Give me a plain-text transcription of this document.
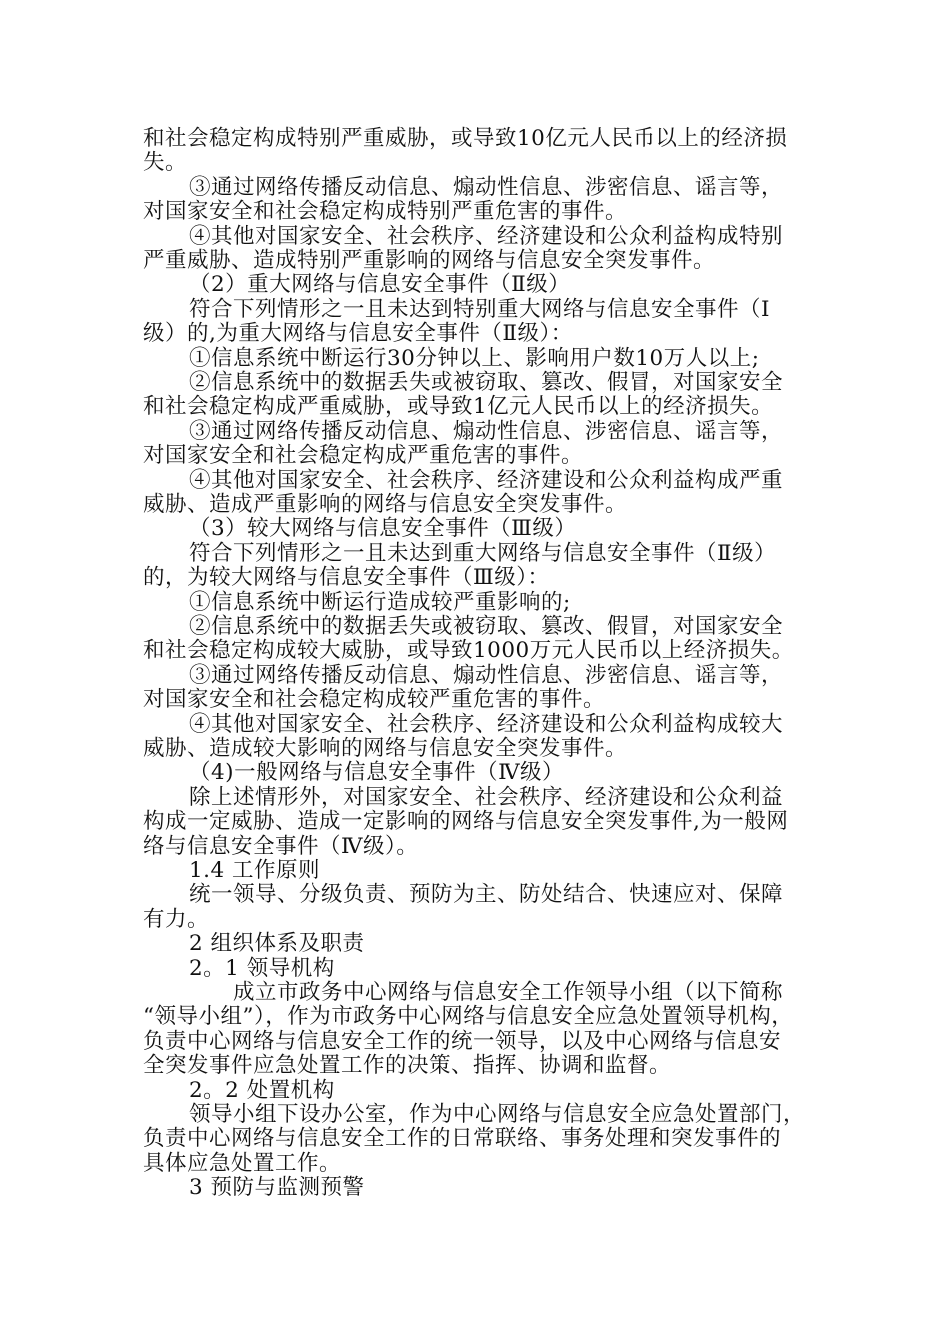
和社会稳定构成特别严重威胁，或导致10亿元人民币以上的经济损
失。
③通过网络传播反动信息、煽动性信息、涉密信息、谣言等，
对国家安全和社会稳定构成特别严重危害的事件。
④其他对国家安全、社会秩序、经济建设和公众利益构成特别
严重威胁、造成特别严重影响的网络与信息安全突发事件。
（2）重大网络与信息安全事件（Ⅱ级）
符合下列情形之一且未达到特别重大网络与信息安全事件（Ⅰ
级）的,为重大网络与信息安全事件（Ⅱ级）：
①信息系统中断运行30分钟以上、影响用户数10万人以上;
②信息系统中的数据丢失或被窃取、篡改、假冒，对国家安全
和社会稳定构成严重威胁，或导致1亿元人民币以上的经济损失。
③通过网络传播反动信息、煽动性信息、涉密信息、谣言等，
对国家安全和社会稳定构成严重危害的事件。
④其他对国家安全、社会秩序、经济建设和公众利益构成严重
威胁、造成严重影响的网络与信息安全突发事件。
（3）较大网络与信息安全事件（Ⅲ级）
符合下列情形之一且未达到重大网络与信息安全事件（Ⅱ级）
的，为较大网络与信息安全事件（Ⅲ级）：
①信息系统中断运行造成较严重影响的;
②信息系统中的数据丢失或被窃取、篡改、假冒，对国家安全
和社会稳定构成较大威胁，或导致1000万元人民币以上经济损失。
③通过网络传播反动信息、煽动性信息、涉密信息、谣言等，
对国家安全和社会稳定构成较严重危害的事件。
④其他对国家安全、社会秩序、经济建设和公众利益构成较大
威胁、造成较大影响的网络与信息安全突发事件。
（4)一般网络与信息安全事件（Ⅳ级）
除上述情形外，对国家安全、社会秩序、经济建设和公众利益
构成一定威胁、造成一定影响的网络与信息安全突发事件,为一般网
络与信息安全事件（Ⅳ级）。
1.4 工作原则
统一领导、分级负责、预防为主、防处结合、快速应对、保障
有力。
2 组织体系及职责
2。1 领导机构
成立市政务中心网络与信息安全工作领导小组（以下简称
“领导小组”），作为市政务中心网络与信息安全应急处置领导机构，
负责中心网络与信息安全工作的统一领导，以及中心网络与信息安
全突发事件应急处置工作的决策、指挥、协调和监督。
2。2 处置机构
领导小组下设办公室，作为中心网络与信息安全应急处置部门，
负责中心网络与信息安全工作的日常联络、事务处理和突发事件的
具体应急处置工作。
3 预防与监测预警
